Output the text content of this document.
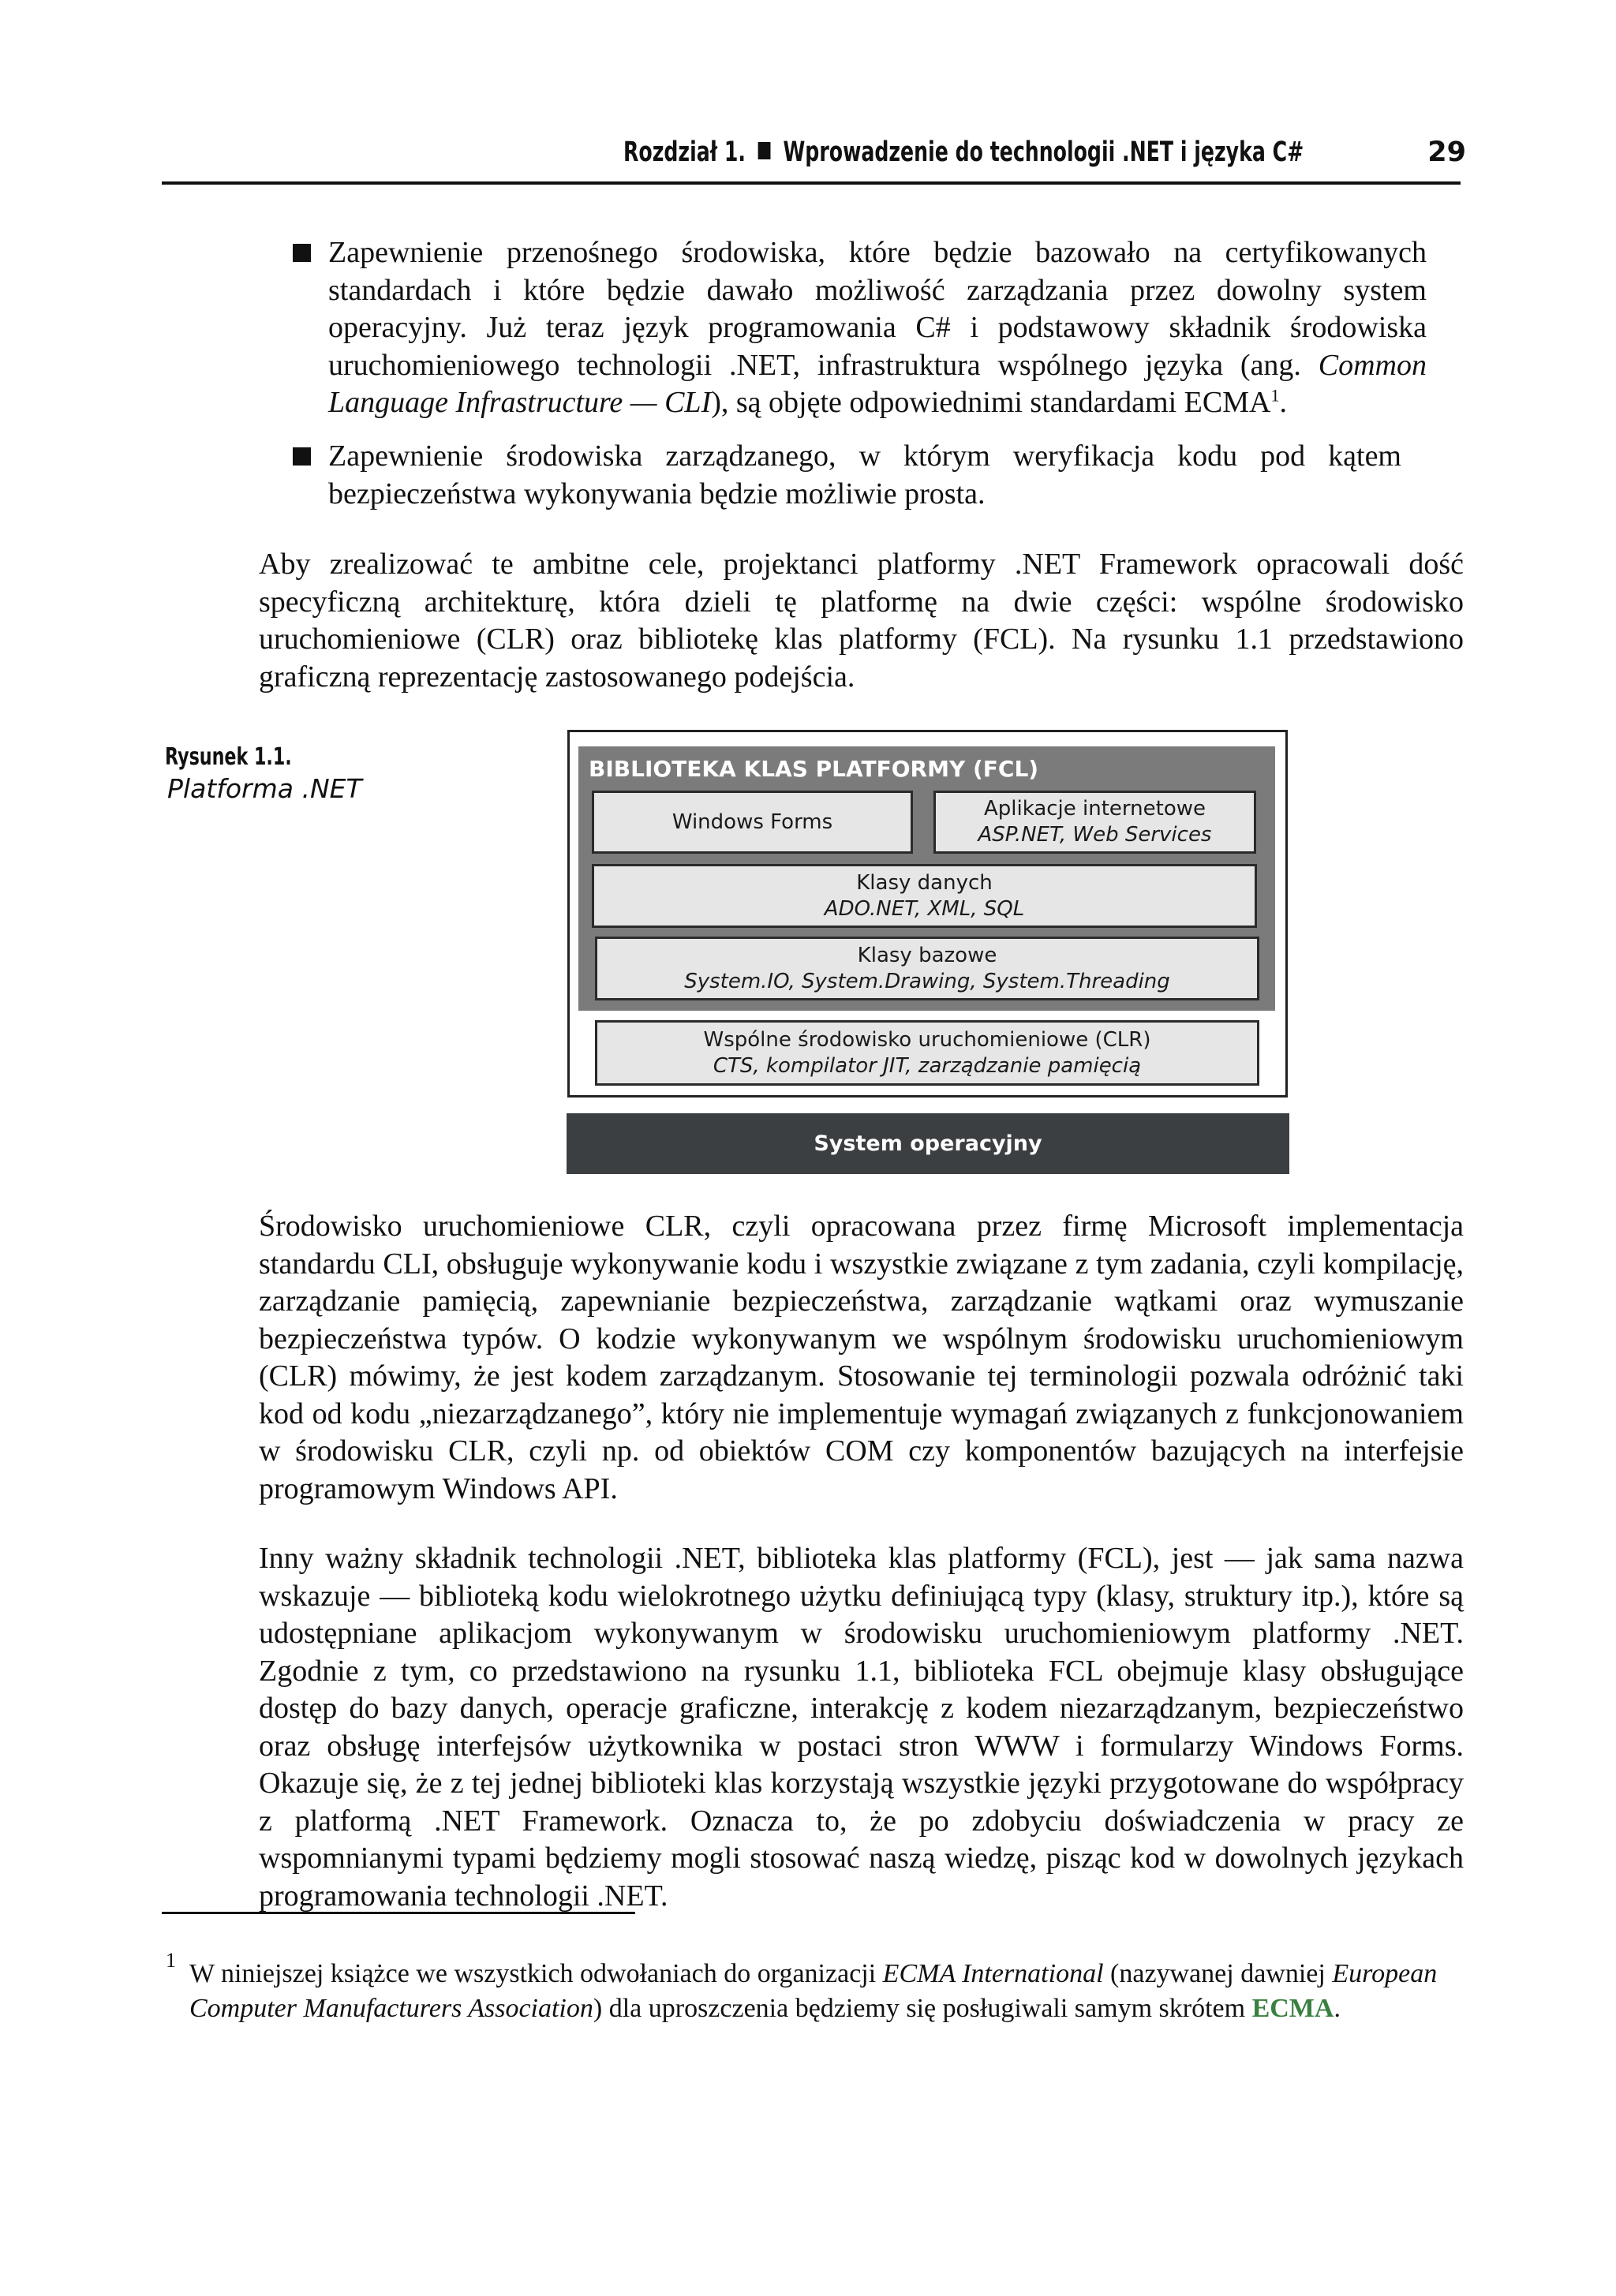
Rozdział 1. Wprowadzenie do technologii .NET i języka C#	29

Zapewnienie przenośnego środowiska, które będzie bazowało na certyfikowanych standardach i które będzie dawało możliwość zarządzania przez dowolny system operacyjny. Już teraz język programowania C# i podstawowy składnik środowiska uruchomieniowego technologii .NET, infrastruktura wspólnego języka (ang. Common Language Infrastructure — CLI), są objęte odpowiednimi standardami ECMA$^1$.

Zapewnienie środowiska zarządzanego, w którym weryfikacja kodu pod kątem bezpieczeństwa wykonywania będzie możliwie prosta.

Aby zrealizować te ambitne cele, projektanci platformy .NET Framework opracowali dość specyficzną architekturę, która dzieli tę platformę na dwie części: wspólne środowisko uruchomieniowe (CLR) oraz bibliotekę klas platformy (FCL). Na rysunku 1.1 przedstawiono graficzną reprezentację zastosowanego podejścia.

Rysunek 1.1.
Platforma .NET
BIBLIOTEKA KLAS PLATFORMY (FCL)
Windows Forms
Aplikacje internetowe
ASP.NET, Web Services
Klasy danych
ADO.NET, XML, SQL
Klasy bazowe
System.IO, System.Drawing, System.Threading
Wspólne środowisko uruchomieniowe (CLR)
CTS, kompilator JIT, zarządzanie pamięcią
System operacyjny

Środowisko uruchomieniowe CLR, czyli opracowana przez firmę Microsoft implementacja standardu CLI, obsługuje wykonywanie kodu i wszystkie związane z tym zadania, czyli kompilację, zarządzanie pamięcią, zapewnianie bezpieczeństwa, zarządzanie wątkami oraz wymuszanie bezpieczeństwa typów. O kodzie wykonywanym we wspólnym środowisku uruchomieniowym (CLR) mówimy, że jest kodem zarządzanym. Stosowanie tej terminologii pozwala odróżnić taki kod od kodu „niezarządzanego”, który nie implementuje wymagań związanych z funkcjonowaniem w środowisku CLR, czyli np. od obiektów COM czy komponentów bazujących na interfejsie programowym Windows API.

Inny ważny składnik technologii .NET, biblioteka klas platformy (FCL), jest — jak sama nazwa wskazuje — biblioteką kodu wielokrotnego użytku definiującą typy (klasy, struktury itp.), które są udostępniane aplikacjom wykonywanym w środowisku uruchomieniowym platformy .NET. Zgodnie z tym, co przedstawiono na rysunku 1.1, biblioteka FCL obejmuje klasy obsługujące dostęp do bazy danych, operacje graficzne, interakcję z kodem niezarządzanym, bezpieczeństwo oraz obsługę interfejsów użytkownika w postaci stron WWW i formularzy Windows Forms. Okazuje się, że z tej jednej biblioteki klas korzystają wszystkie języki przygotowane do współpracy z platformą .NET Framework. Oznacza to, że po zdobyciu doświadczenia w pracy ze wspomnianymi typami będziemy mogli stosować naszą wiedzę, pisząc kod w dowolnych językach programowania technologii .NET.

1 W niniejszej książce we wszystkich odwołaniach do organizacji ECMA International (nazywanej dawniej European Computer Manufacturers Association) dla uproszczenia będziemy się posługiwali samym skrótem ECMA.
